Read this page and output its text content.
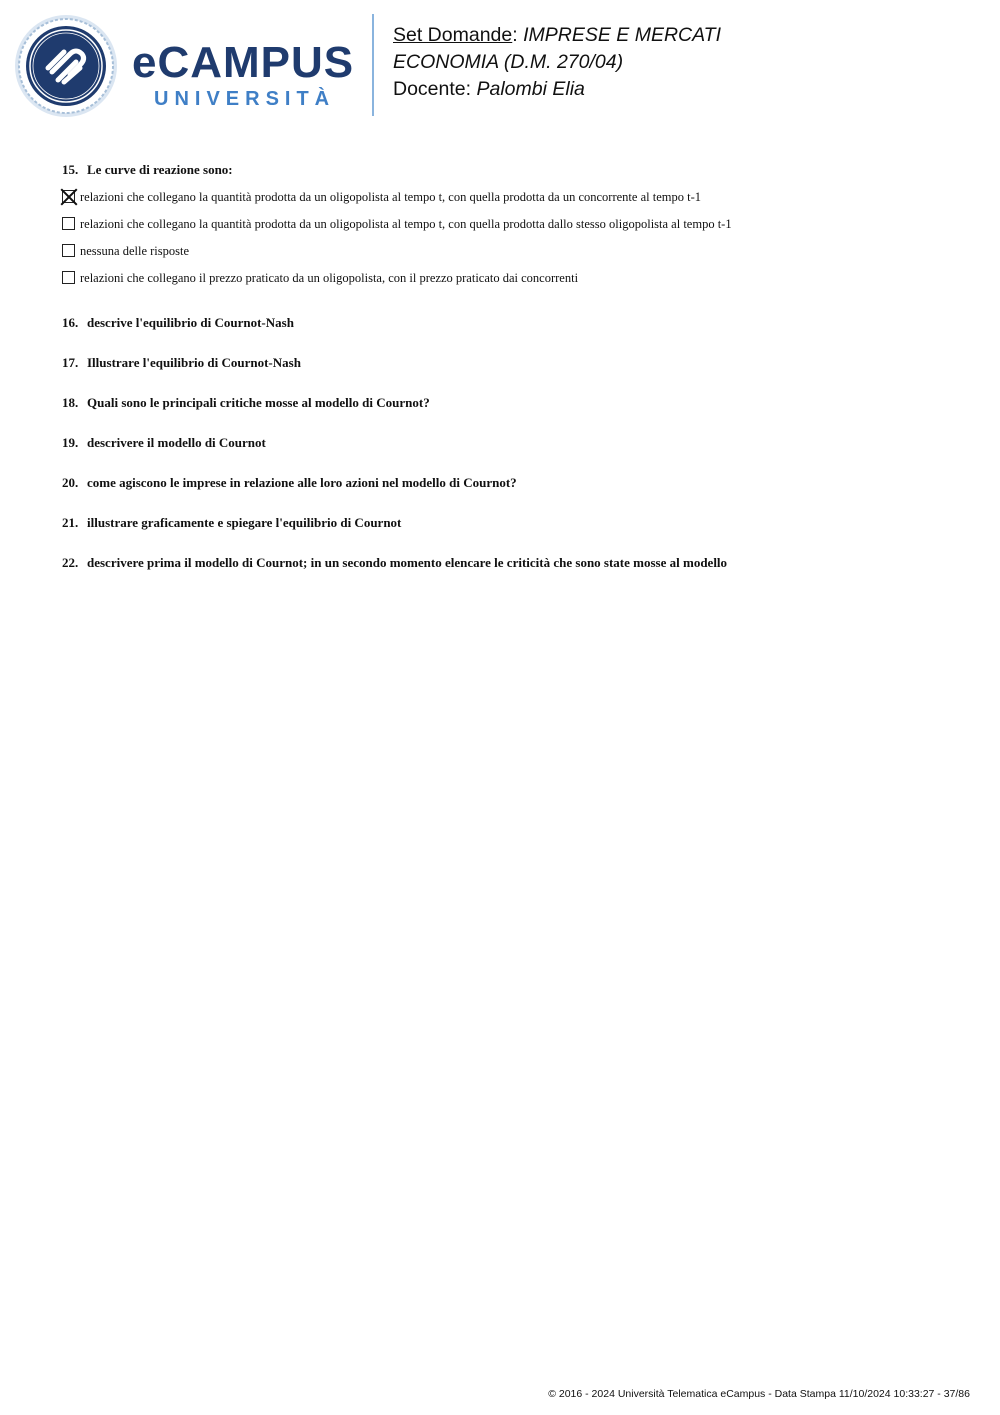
eCAMPUS
UNIVERSITÀ
Set Domande: IMPRESE E MERCATI
ECONOMIA (D.M. 270/04)
Docente: Palombi Elia
15. Le curve di reazione sono:
relazioni che collegano la quantità prodotta da un oligopolista al tempo t, con quella prodotta da un concorrente al tempo t-1
relazioni che collegano la quantità prodotta da un oligopolista al tempo t, con quella prodotta dallo stesso oligopolista al tempo t-1
nessuna delle risposte
relazioni che collegano il prezzo praticato da un oligopolista, con il prezzo praticato dai concorrenti
16. descrive l'equilibrio di Cournot-Nash
17. Illustrare l'equilibrio di Cournot-Nash
18. Quali sono le principali critiche mosse al modello di Cournot?
19. descrivere il modello di Cournot
20. come agiscono le imprese in relazione alle loro azioni nel modello di Cournot?
21. illustrare graficamente e spiegare l'equilibrio di Cournot
22. descrivere prima il modello di Cournot; in un secondo momento elencare le criticità che sono state mosse al modello
© 2016 - 2024 Università Telematica eCampus - Data Stampa 11/10/2024 10:33:27 - 37/86
